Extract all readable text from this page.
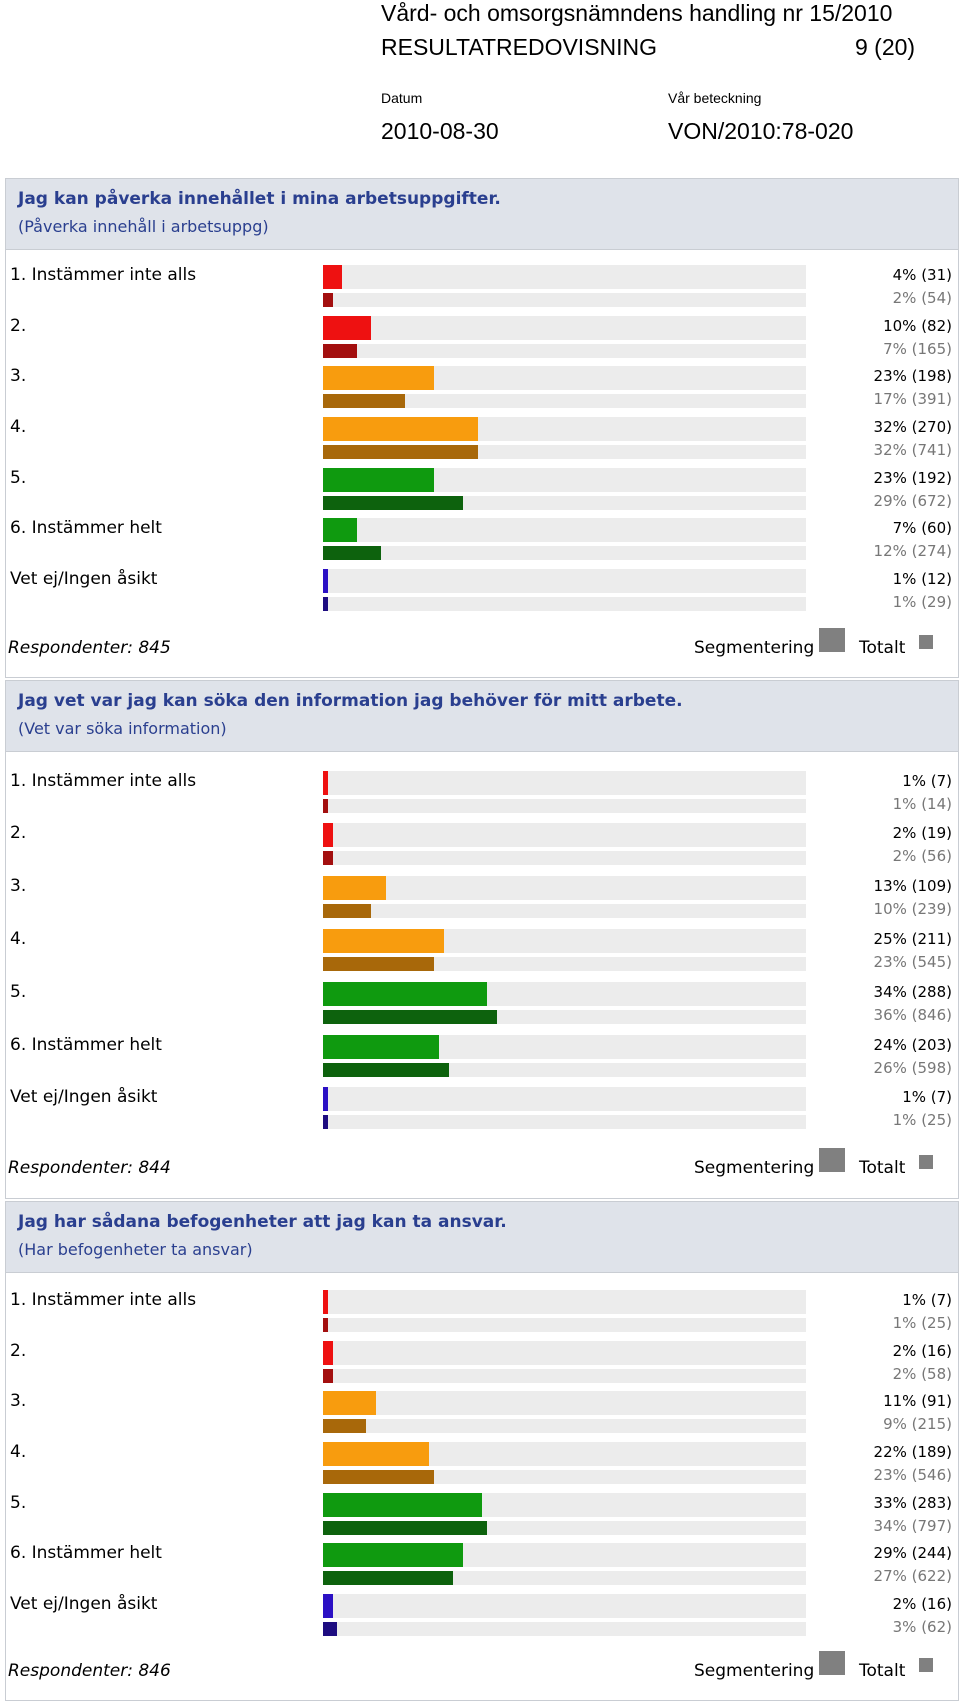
Vård- och omsorgsnämndens handling nr 15/2010
RESULTATREDOVISNING	9 (20)
Datum	Vår beteckning
2010-08-30	VON/2010:78-020
Jag kan påverka innehållet i mina arbetsuppgifter.
(Påverka innehåll i arbetsuppg)
1. Instämmer inte alls	4% (31)
2% (54)
2.	10% (82)
7% (165)
3.	23% (198)
17% (391)
4.	32% (270)
32% (741)
5.	23% (192)
29% (672)
6. Instämmer helt	7% (60)
12% (274)
Vet ej/Ingen åsikt	1% (12)
1% (29)
Respondenter: 845	Segmentering	Totalt
Jag vet var jag kan söka den information jag behöver för mitt arbete.
(Vet var söka information)
1. Instämmer inte alls	1% (7)
1% (14)
2.	2% (19)
2% (56)
3.	13% (109)
10% (239)
4.	25% (211)
23% (545)
5.	34% (288)
36% (846)
6. Instämmer helt	24% (203)
26% (598)
Vet ej/Ingen åsikt	1% (7)
1% (25)
Respondenter: 844	Segmentering	Totalt
Jag har sådana befogenheter att jag kan ta ansvar.
(Har befogenheter ta ansvar)
1. Instämmer inte alls	1% (7)
1% (25)
2.	2% (16)
2% (58)
3.	11% (91)
9% (215)
4.	22% (189)
23% (546)
5.	33% (283)
34% (797)
6. Instämmer helt	29% (244)
27% (622)
Vet ej/Ingen åsikt	2% (16)
3% (62)
Respondenter: 846	Segmentering	Totalt
